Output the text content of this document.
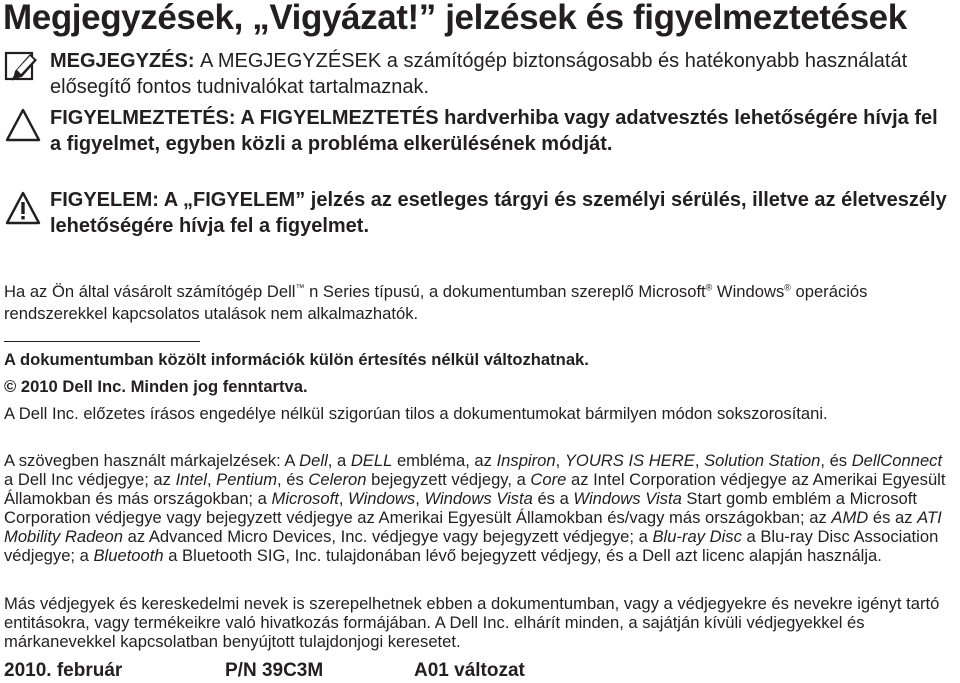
Megjegyzések, „Vigyázat!” jelzések és figyelmeztetések
MEGJEGYZÉS: A MEGJEGYZÉSEK a számítógép biztonságosabb és hatékonyabb használatát elősegítő fontos tudnivalókat tartalmaznak.
FIGYELMEZTETÉS: A FIGYELMEZTETÉS hardverhiba vagy adatvesztés lehetőségére hívja fel a figyelmet, egyben közli a probléma elkerülésének módját.
FIGYELEM: A „FIGYELEM” jelzés az esetleges tárgyi és személyi sérülés, illetve az életveszély lehetőségére hívja fel a figyelmet.
Ha az Ön által vásárolt számítógép Dell™ n Series típusú, a dokumentumban szereplő Microsoft® Windows® operációs rendszerekkel kapcsolatos utalások nem alkalmazhatók.
A dokumentumban közölt információk külön értesítés nélkül változhatnak.
© 2010 Dell Inc. Minden jog fenntartva.
A Dell Inc. előzetes írásos engedélye nélkül szigorúan tilos a dokumentumokat bármilyen módon sokszorosítani.
A szövegben használt márkajelzések: A Dell, a DELL embléma, az Inspiron, YOURS IS HERE, Solution Station, és DellConnect a Dell Inc védjegye; az Intel, Pentium, és Celeron bejegyzett védjegy, a Core az Intel Corporation védjegye az Amerikai Egyesült Államokban és más országokban; a Microsoft, Windows, Windows Vista és a Windows Vista Start gomb emblém a Microsoft Corporation védjegye vagy bejegyzett védjegye az Amerikai Egyesült Államokban és/vagy más országokban; az AMD és az ATI Mobility Radeon az Advanced Micro Devices, Inc. védjegye vagy bejegyzett védjegye; a Blu-ray Disc a Blu-ray Disc Association védjegye; a Bluetooth a Bluetooth SIG, Inc. tulajdonában lévő bejegyzett védjegy, és a Dell azt licenc alapján használja.
Más védjegyek és kereskedelmi nevek is szerepelhetnek ebben a dokumentumban, vagy a védjegyekre és nevekre igényt tartó entitásokra, vagy termékeikre való hivatkozás formájában. A Dell Inc. elhárít minden, a sajátján kívüli védjegyekkel és márkanevekkel kapcsolatban benyújtott tulajdonjogi keresetet.
2010. február	P/N 39C3M	A01 változat
